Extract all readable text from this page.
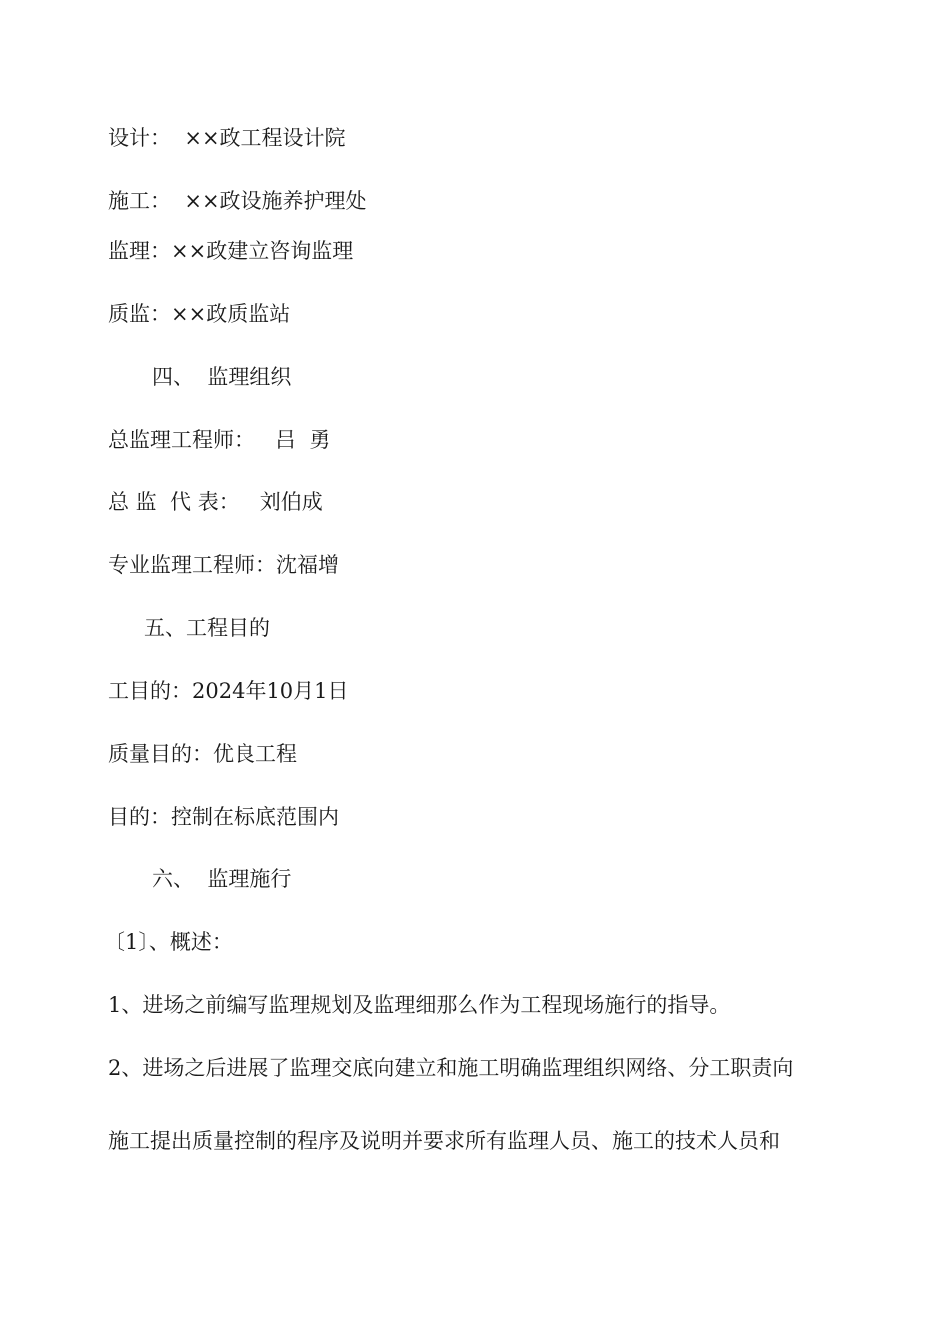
设计：  ××政工程设计院

施工：  ××政设施养护理处

监理：××政建立咨询监理

质监：××政质监站

四、  监理组织

总监理工程师：   吕  勇

总 监  代 表：   刘伯成

专业监理工程师：沈福增

五、工程目的

工目的：2024年10月1日

质量目的：优良工程

目的：控制在标底范围内

六、  监理施行

〔1〕、概述：

1、进场之前编写监理规划及监理细那么作为工程现场施行的指导。

2、进场之后进展了监理交底向建立和施工明确监理组织网络、分工职责向

施工提出质量控制的程序及说明并要求所有监理人员、施工的技术人员和
